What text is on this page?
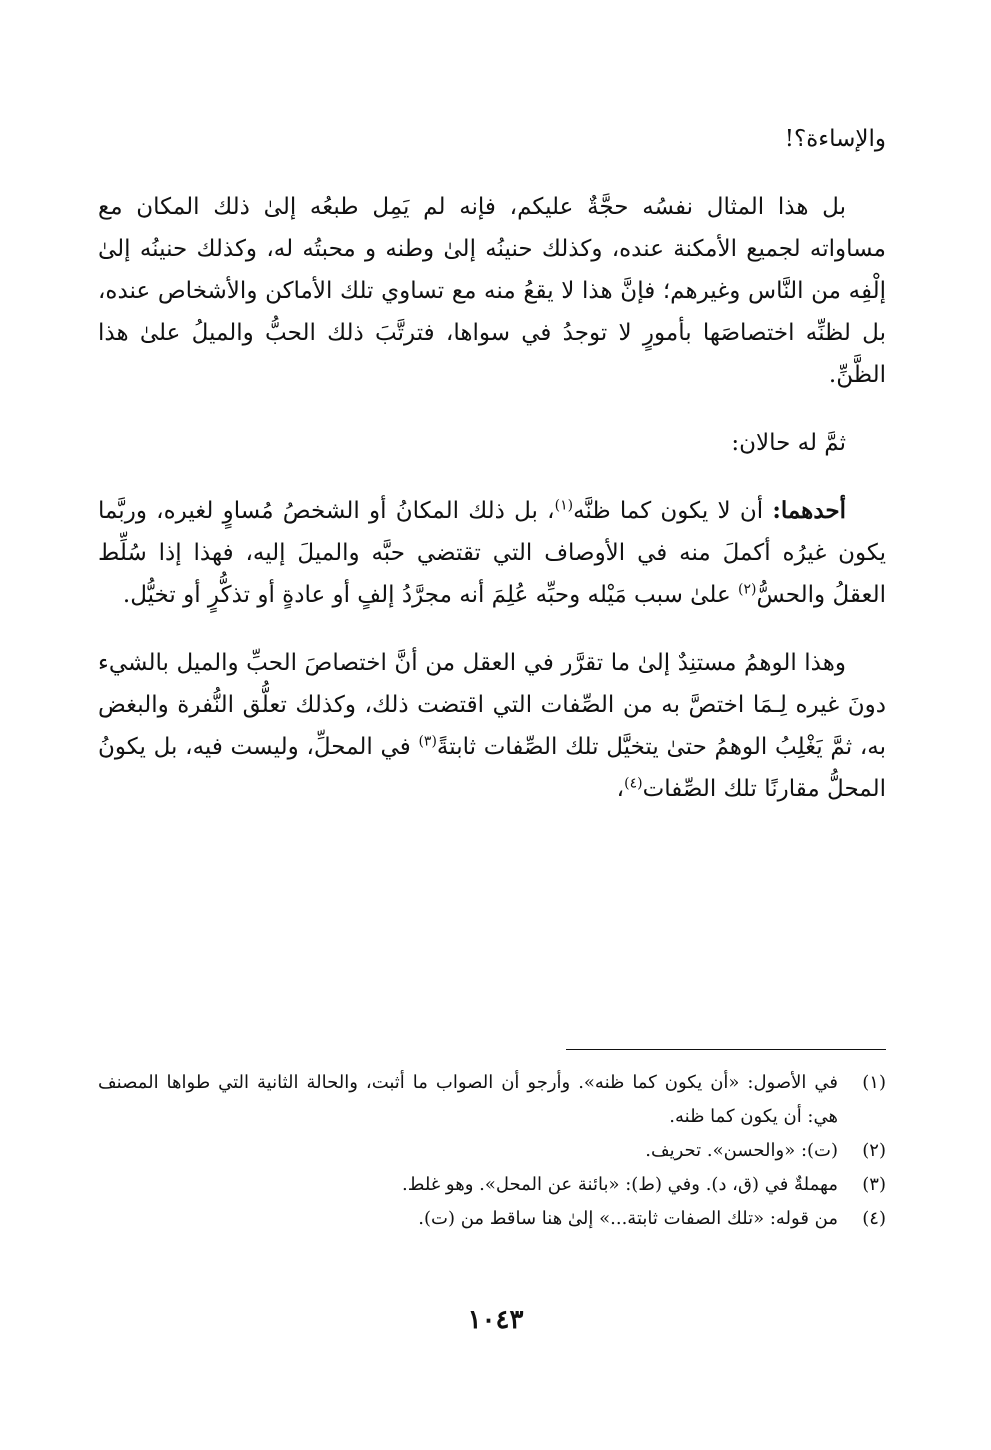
والإساءة؟!

بل هذا المثال نفسُه حجَّةٌ عليكم، فإنه لم يَمِل طبعُه إلىٰ ذلك المكان مع مساواته لجميع الأمكنة عنده، وكذلك حنينُه إلىٰ وطنه و محبتُه له، وكذلك حنينُه إلىٰ إلْفِه من النَّاس وغيرهم؛ فإنَّ هذا لا يقعُ منه مع تساوي تلك الأماكن والأشخاص عنده، بل لظنِّه اختصاصَها بأمورٍ لا توجدُ في سواها، فترتَّبَ ذلك الحبُّ والميلُ علىٰ هذا الظَّنِّ.

ثمَّ له حالان:

أحدهما: أن لا يكون كما ظنَّه$^{(١)}$، بل ذلك المكانُ أو الشخصُ مُساوٍ لغيره، وربَّما يكون غيرُه أكملَ منه في الأوصاف التي تقتضي حبَّه والميلَ إليه، فهذا إذا سُلِّط العقلُ والحسُّ$^{(٢)}$ علىٰ سبب مَيْله وحبِّه عُلِمَ أنه مجرَّدُ إلفٍ أو عادةٍ أو تذكُّرٍ أو تخيُّل.

وهذا الوهمُ مستنِدٌ إلىٰ ما تقرَّر في العقل من أنَّ اختصاصَ الحبِّ والميل بالشيء دونَ غيره لِـمَا اختصَّ به من الصِّفات التي اقتضت ذلك، وكذلك تعلُّق النُّفرة والبغض به، ثمَّ يَغْلِبُ الوهمُ حتىٰ يتخيَّل تلك الصِّفات ثابتةً$^{(٣)}$ في المحلِّ، وليست فيه، بل يكونُ المحلُّ مقارنًا تلك الصِّفات$^{(٤)}$،

(١)
في الأصول: «أن يكون كما ظنه». وأرجو أن الصواب ما أثبت، والحالة الثانية التي طواها المصنف هي: أن يكون كما ظنه.
(٢)
(ت): «والحسن». تحريف.
(٣)
مهملةٌ في (ق، د). وفي (ط): «بائنة عن المحل». وهو غلط.
(٤)
من قوله: «تلك الصفات ثابتة...» إلىٰ هنا ساقط من (ت).
١٠٤٣
